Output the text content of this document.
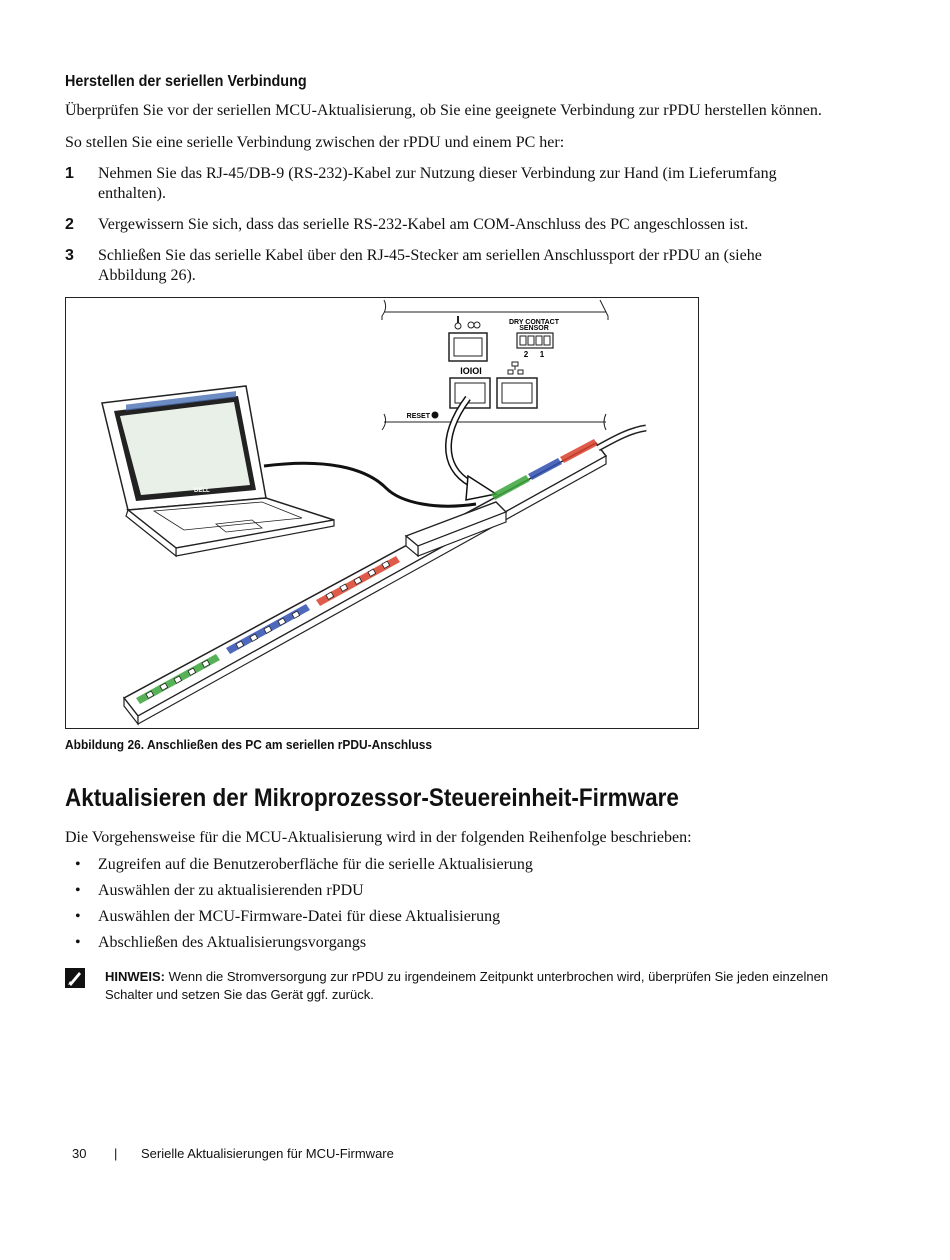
Herstellen der seriellen Verbindung

Überprüfen Sie vor der seriellen MCU-Aktualisierung, ob Sie eine geeignete Verbindung zur rPDU herstellen können.

So stellen Sie eine serielle Verbindung zwischen der rPDU und einem PC her:

1 Nehmen Sie das RJ-45/DB-9 (RS-232)-Kabel zur Nutzung dieser Verbindung zur Hand (im Lieferumfang enthalten).
2 Vergewissern Sie sich, dass das serielle RS-232-Kabel am COM-Anschluss des PC angeschlossen ist.
3 Schließen Sie das serielle Kabel über den RJ-45-Stecker am seriellen Anschlussport der rPDU an (siehe Abbildung 26).
DRY CONTACT
SENSOR
2 1
IOIOI
RESET
DELL
Abbildung 26. Anschließen des PC am seriellen rPDU-Anschluss
Aktualisieren der Mikroprozessor-Steuereinheit-Firmware

Die Vorgehensweise für die MCU-Aktualisierung wird in der folgenden Reihenfolge beschrieben:

• Zugreifen auf die Benutzeroberfläche für die serielle Aktualisierung
• Auswählen der zu aktualisierenden rPDU
• Auswählen der MCU-Firmware-Datei für diese Aktualisierung
• Abschließen des Aktualisierungsvorgangs
HINWEIS: Wenn die Stromversorgung zur rPDU zu irgendeinem Zeitpunkt unterbrochen wird, überprüfen Sie jeden einzelnen Schalter und setzen Sie das Gerät ggf. zurück.
30 | Serielle Aktualisierungen für MCU-Firmware
